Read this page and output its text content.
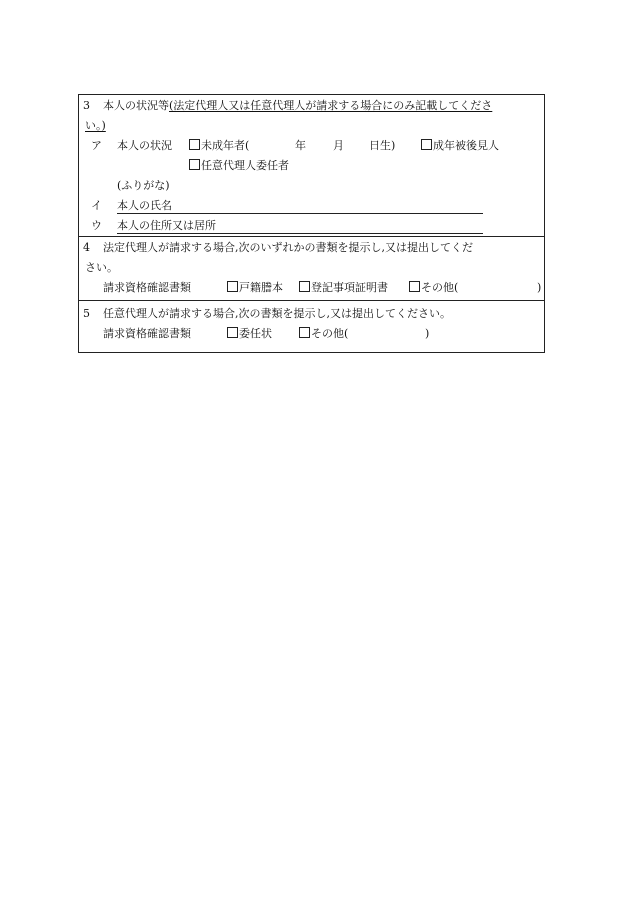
3 本人の状況等 (法定代理人又は任意代理人が請求する場合にのみ記載してくださ
い。)
ア 本人の状況	未成年者(	年 月 日生)	成年被後見人
任意代理人委任者
(ふりがな)
イ 本人の氏名
ウ 本人の住所又は居所
4 法定代理人が請求する場合,次のいずれかの書類を提示し,又は提出してくだ
さい。
請求資格確認書類	戸籍謄本	登記事項証明書	その他(	)
5 任意代理人が請求する場合,次の書類を提示し,又は提出してください。
請求資格確認書類	委任状	その他(	)
